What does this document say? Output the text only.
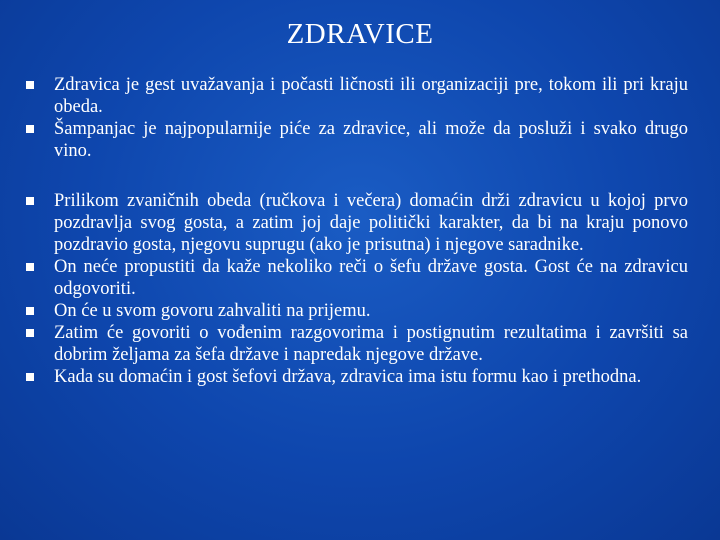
ZDRAVICE
Zdravica je gest uvažavanja i počasti ličnosti ili organizaciji pre, tokom ili pri kraju obeda.
Šampanjac je najpopularnije piće za zdravice, ali može da posluži i svako drugo vino.
Prilikom zvaničnih obeda (ručkova i večera) domaćin drži zdravicu u kojoj prvo pozdravlja svog gosta, a zatim joj daje politički karakter, da bi na kraju ponovo pozdravio gosta, njegovu suprugu (ako je prisutna) i njegove saradnike.
On neće propustiti da kaže nekoliko reči o šefu države gosta. Gost će na zdravicu odgovoriti.
On će u svom govoru zahvaliti na prijemu.
Zatim će govoriti o vođenim razgovorima i postignutim rezultatima i završiti sa dobrim željama za šefa države i napredak njegove države.
Kada su domaćin i gost šefovi država, zdravica ima istu formu kao i prethodna.
